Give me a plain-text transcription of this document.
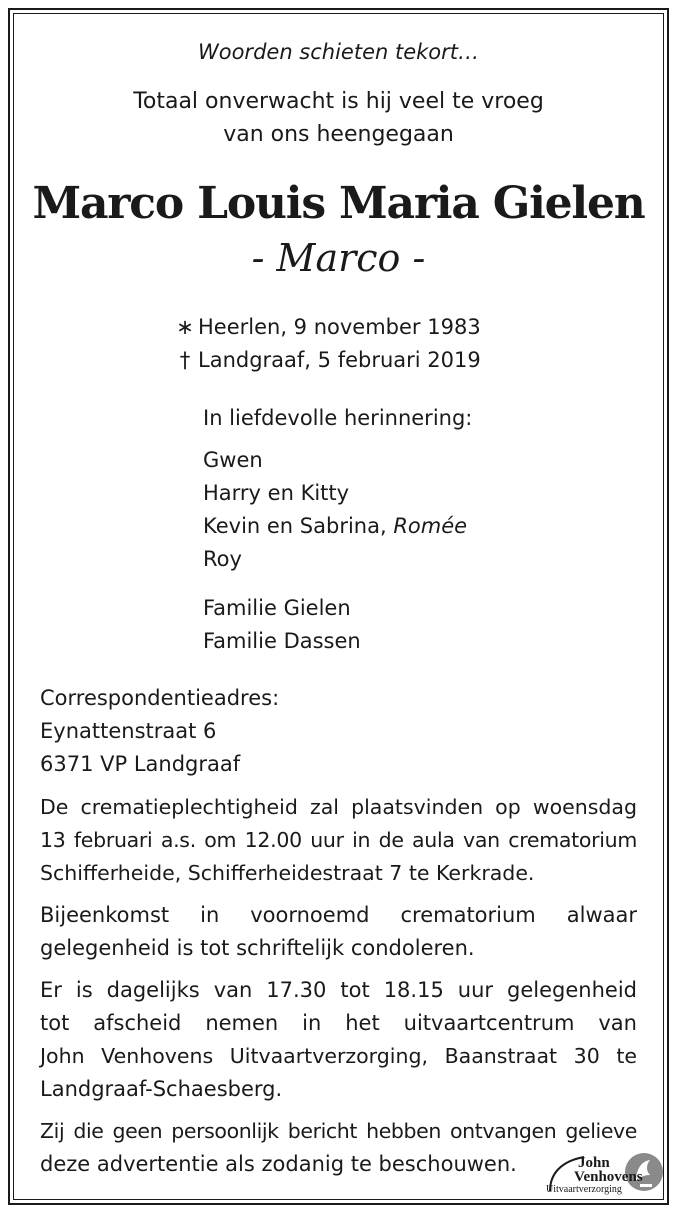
Woorden schieten tekort…
Totaal onverwacht is hij veel te vroeg
van ons heengegaan
Marco Louis Maria Gielen
- Marco -
∗ Heerlen, 9 november 1983
† Landgraaf, 5 februari 2019
In liefdevolle herinnering:
Gwen
Harry en Kitty
Kevin en Sabrina, Romée
Roy
Familie Gielen
Familie Dassen
Correspondentieadres:
Eynattenstraat 6
6371 VP Landgraaf
De crematieplechtigheid zal plaatsvinden op woensdag
13 februari a.s. om 12.00 uur in de aula van crematorium
Schifferheide, Schifferheidestraat 7 te Kerkrade.
Bijeenkomst in voornoemd crematorium alwaar
gelegenheid is tot schriftelijk condoleren.
Er is dagelijks van 17.30 tot 18.15 uur gelegenheid
tot afscheid nemen in het uitvaartcentrum van
John Venhovens Uitvaartverzorging, Baanstraat 30 te
Landgraaf-Schaesberg.
Zij die geen persoonlijk bericht hebben ontvangen gelieve
deze advertentie als zodanig te beschouwen.	John
Venhovens
Uitvaartverzorging
